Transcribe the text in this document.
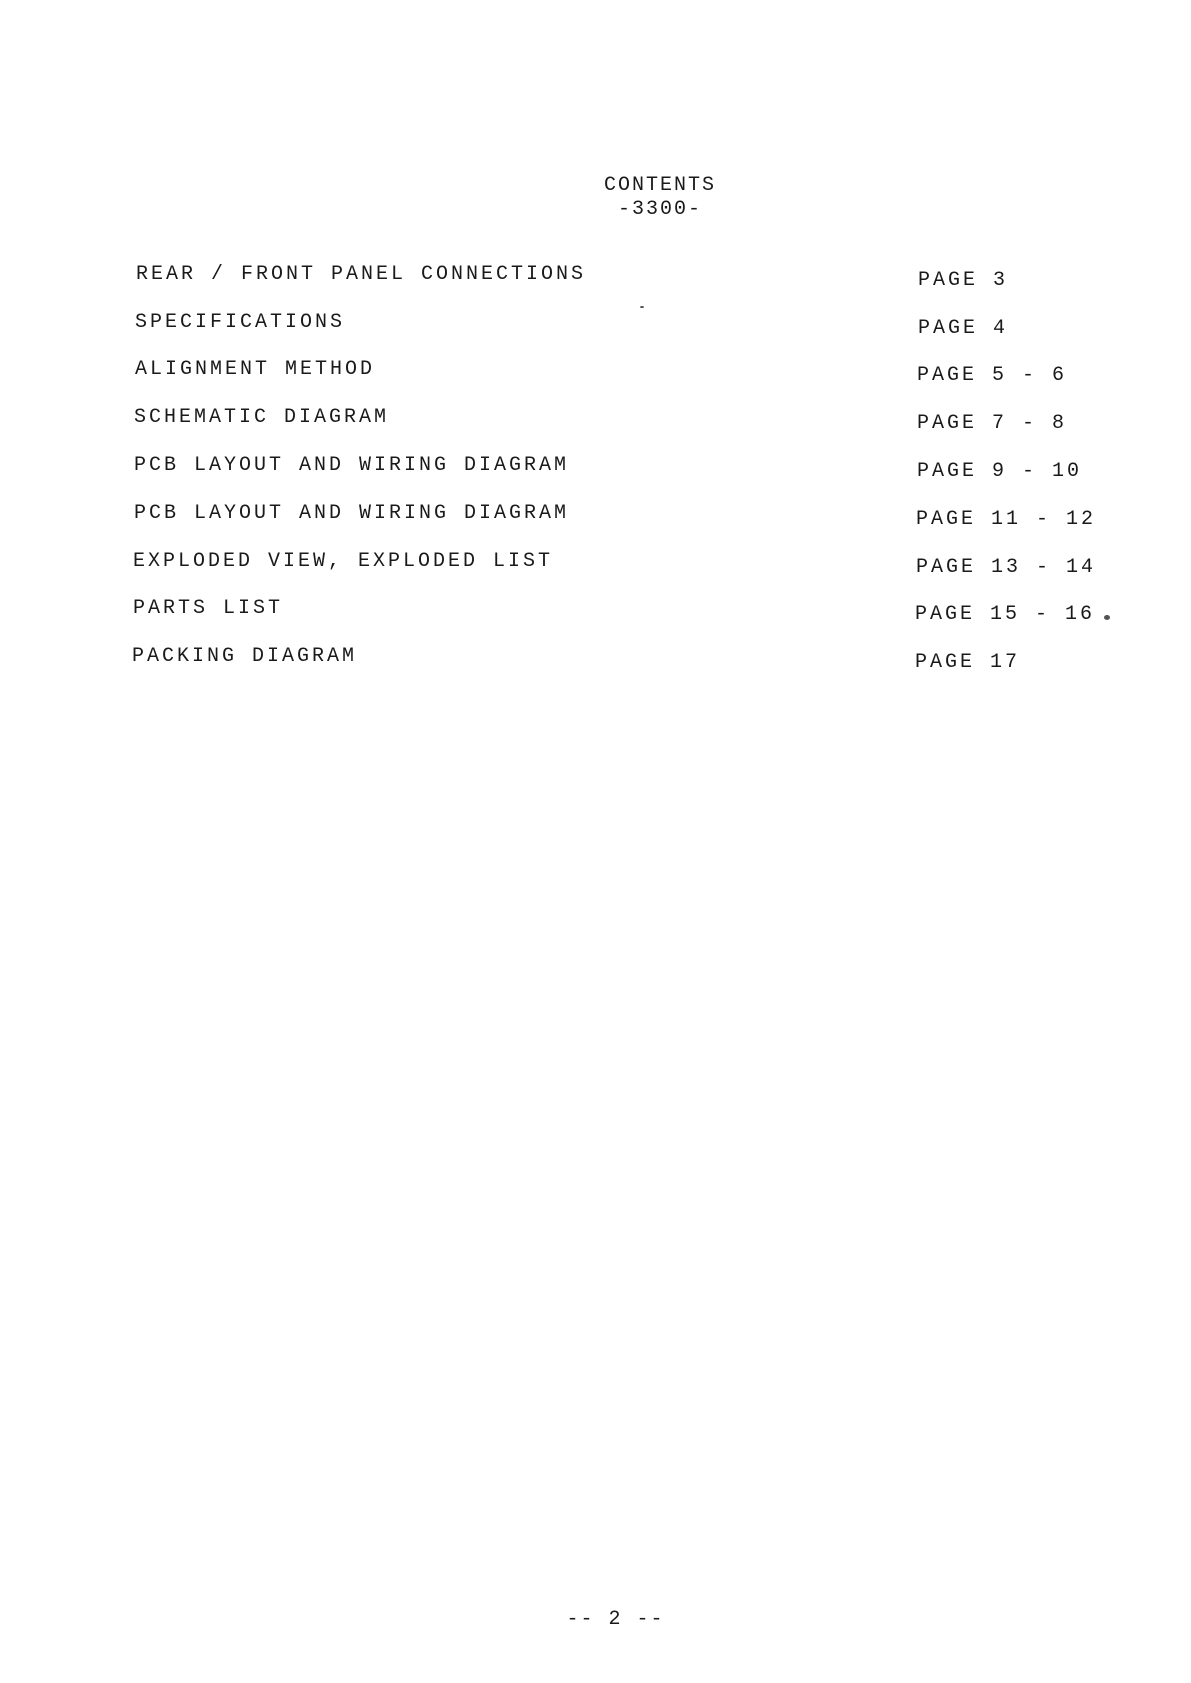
CONTENTS
-3300-
REAR / FRONT PANEL CONNECTIONS	PAGE 3
SPECIFICATIONS	PAGE 4
ALIGNMENT METHOD	PAGE 5 - 6
SCHEMATIC DIAGRAM	PAGE 7 - 8
PCB LAYOUT AND WIRING DIAGRAM	PAGE 9 - 10
PCB LAYOUT AND WIRING DIAGRAM	PAGE 11 - 12
EXPLODED VIEW, EXPLODED LIST	PAGE 13 - 14
PARTS LIST	PAGE 15 - 16
PACKING DIAGRAM	PAGE 17
-- 2 --
